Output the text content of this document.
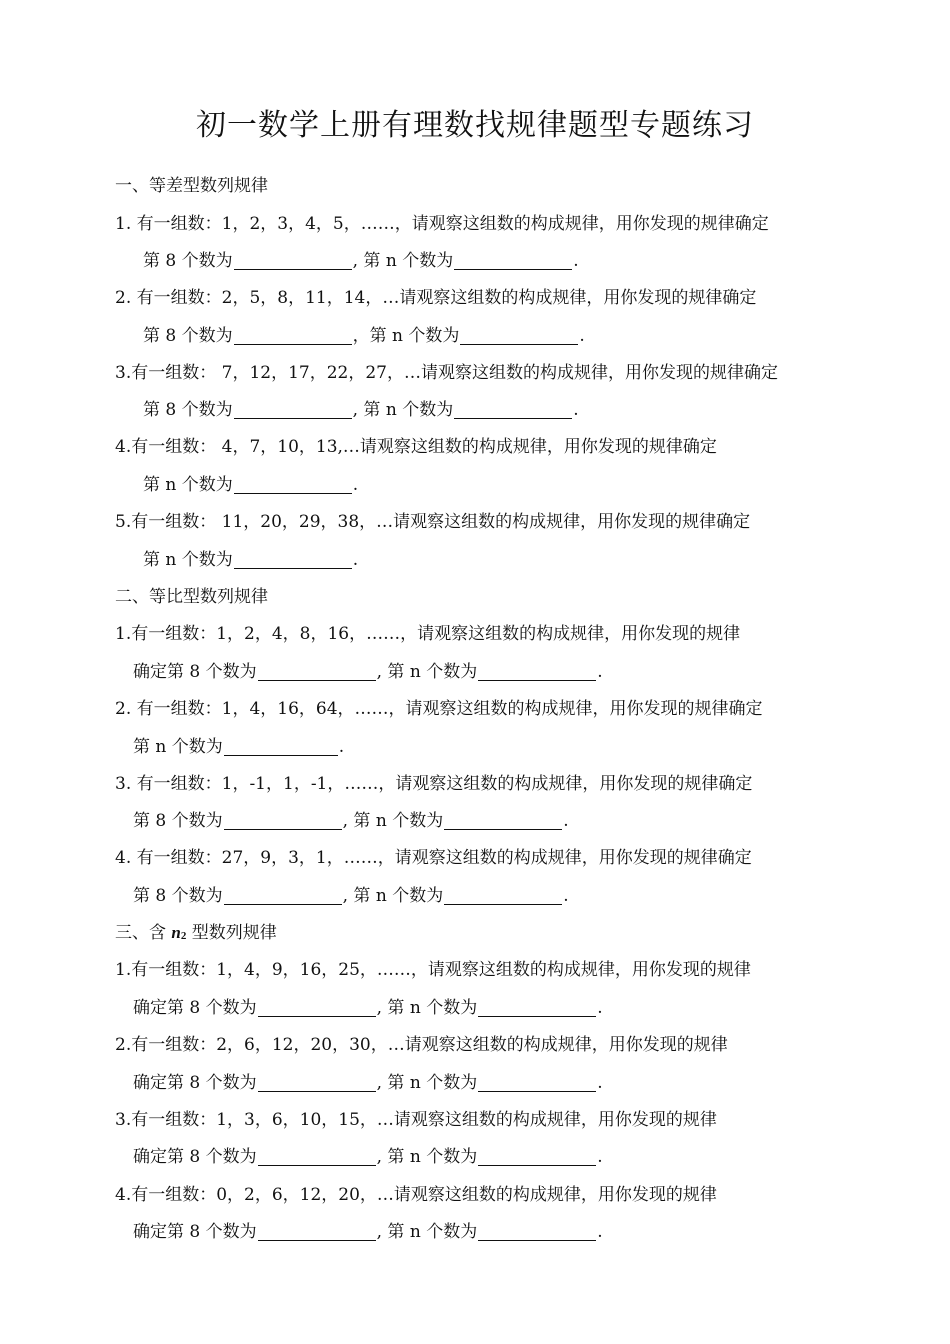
初一数学上册有理数找规律题型专题练习
一、等差型数列规律
1. 有一组数：1，2，3，4，5，……，请观察这组数的构成规律，用你发现的规律确定
第 8 个数为	, 第 n 个数为	.
2. 有一组数：2，5，8，11，14，…请观察这组数的构成规律，用你发现的规律确定
第 8 个数为	，第 n 个数为	.
3.有一组数： 7，12，17，22，27，…请观察这组数的构成规律，用你发现的规律确定
第 8 个数为	, 第 n 个数为	.
4.有一组数： 4，7，10，13,…请观察这组数的构成规律，用你发现的规律确定
第 n 个数为	.
5.有一组数： 11，20，29，38，…请观察这组数的构成规律，用你发现的规律确定
第 n 个数为	.
二、等比型数列规律
1.有一组数：1，2，4，8，16，……，请观察这组数的构成规律，用你发现的规律
确定第 8 个数为	, 第 n 个数为	.
2. 有一组数：1，4，16，64，……，请观察这组数的构成规律，用你发现的规律确定
第 n 个数为	.
3. 有一组数：1，-1，1，-1，……，请观察这组数的构成规律，用你发现的规律确定
第 8 个数为	, 第 n 个数为	.
4. 有一组数：27，9，3，1，……，请观察这组数的构成规律，用你发现的规律确定
第 8 个数为	, 第 n 个数为	.
三、含 $n^2$ 型数列规律
1.有一组数：1，4，9，16，25，……，请观察这组数的构成规律，用你发现的规律
确定第 8 个数为	, 第 n 个数为	.
2.有一组数：2，6，12，20，30，…请观察这组数的构成规律，用你发现的规律
确定第 8 个数为	, 第 n 个数为	.
3.有一组数：1，3，6，10，15，…请观察这组数的构成规律，用你发现的规律
确定第 8 个数为	, 第 n 个数为	.
4.有一组数：0，2，6，12，20，…请观察这组数的构成规律，用你发现的规律
确定第 8 个数为	, 第 n 个数为	.
